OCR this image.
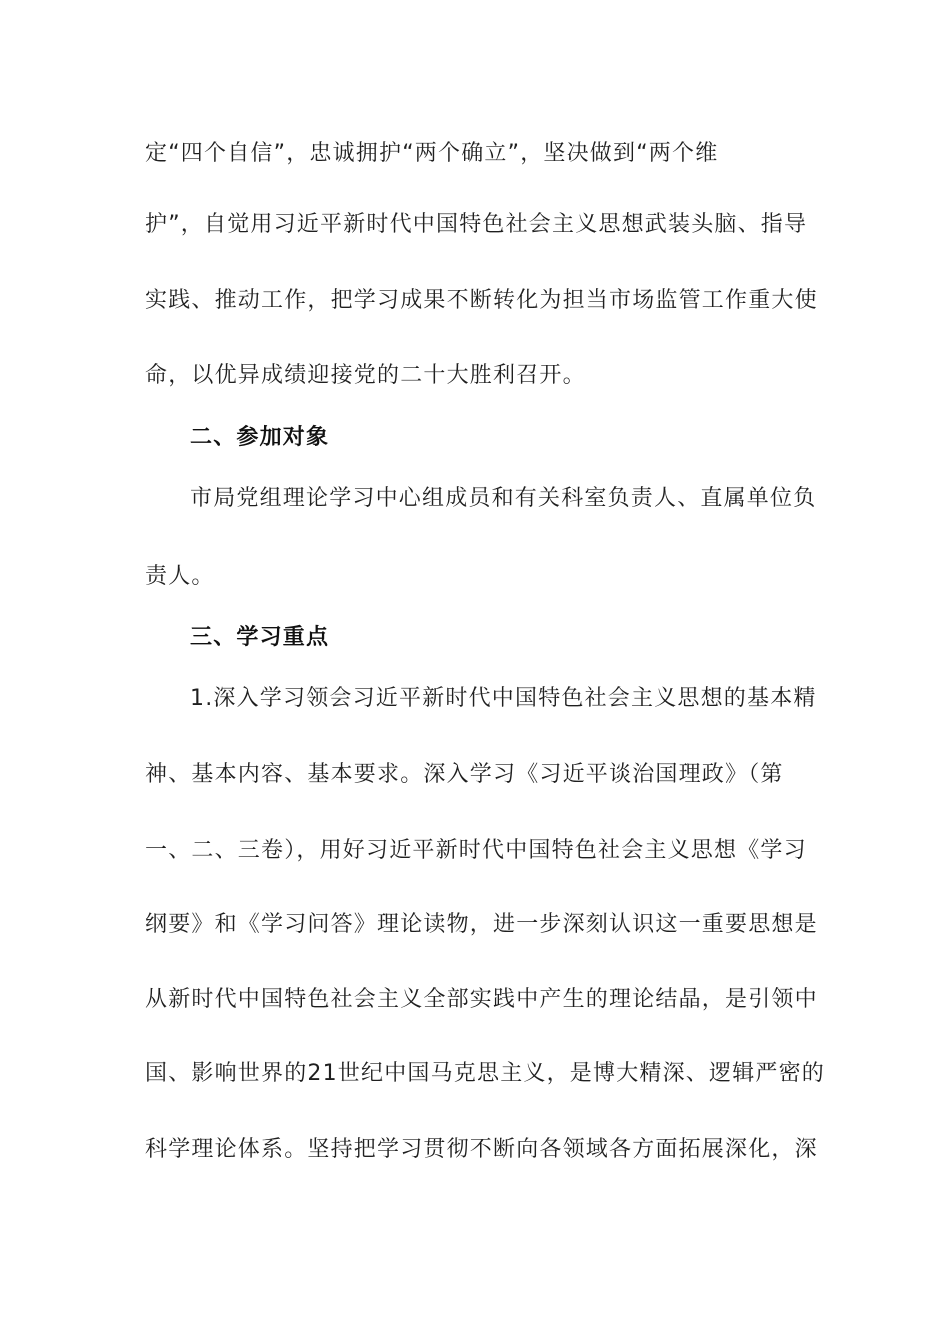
定“四个自信”，忠诚拥护“两个确立”，坚决做到“两个维
护”，自觉用习近平新时代中国特色社会主义思想武装头脑、指导
实践、推动工作，把学习成果不断转化为担当市场监管工作重大使
命，以优异成绩迎接党的二十大胜利召开。
二、参加对象
市局党组理论学习中心组成员和有关科室负责人、直属单位负
责人。
三、学习重点
1.深入学习领会习近平新时代中国特色社会主义思想的基本精
神、基本内容、基本要求。深入学习《习近平谈治国理政》（第
一、二、三卷），用好习近平新时代中国特色社会主义思想《学习
纲要》和《学习问答》理论读物，进一步深刻认识这一重要思想是
从新时代中国特色社会主义全部实践中产生的理论结晶，是引领中
国、影响世界的21世纪中国马克思主义，是博大精深、逻辑严密的
科学理论体系。坚持把学习贯彻不断向各领域各方面拓展深化，深
